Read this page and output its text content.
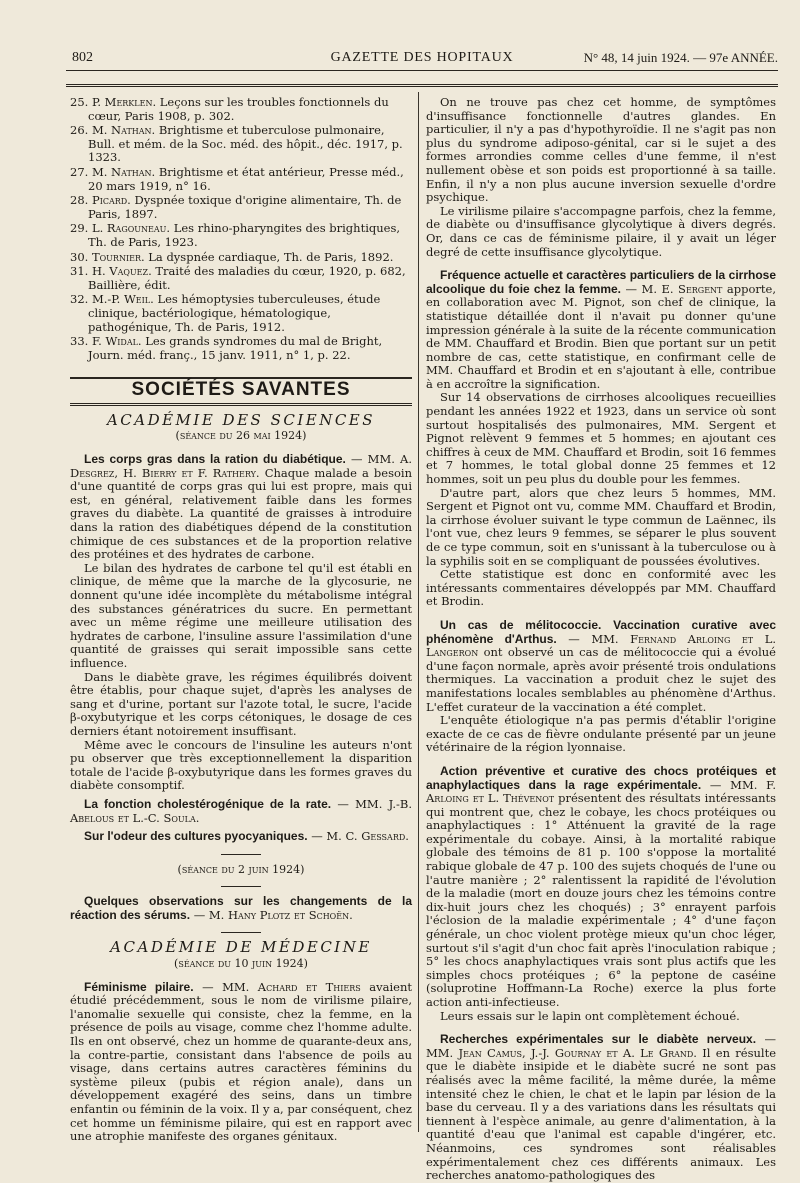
802	GAZETTE DES HOPITAUX	N° 48, 14 juin 1924. — 97e ANNÉE.
25. P. Merklen. Leçons sur les troubles fonctionnels du cœur, Paris 1908, p. 302.
26. M. Nathan. Brightisme et tuberculose pulmonaire, Bull. et mém. de la Soc. méd. des hôpit., déc. 1917, p. 1323.
27. M. Nathan. Brightisme et état antérieur, Presse méd., 20 mars 1919, n° 16.
28. Picard. Dyspnée toxique d'origine alimentaire, Th. de Paris, 1897.
29. L. Ragouneau. Les rhino-pharyngites des brightiques, Th. de Paris, 1923.
30. Tournier. La dyspnée cardiaque, Th. de Paris, 1892.
31. H. Vaquez. Traité des maladies du cœur, 1920, p. 682, Baillière, édit.
32. M.-P. Weil. Les hémoptysies tuberculeuses, étude clinique, bactériologique, hématologique, pathogénique, Th. de Paris, 1912.
33. F. Widal. Les grands syndromes du mal de Bright, Journ. méd. franç., 15 janv. 1911, n° 1, p. 22.
SOCIÉTÉS SAVANTES
ACADÉMIE DES SCIENCES
(séance du 26 mai 1924)

Les corps gras dans la ration du diabétique. — MM. A. Desgrez, H. Bierry et F. Rathery. Chaque malade a besoin d'une quantité de corps gras qui lui est propre, mais qui est, en général, relativement faible dans les formes graves du diabète. La quantité de graisses à introduire dans la ration des diabétiques dépend de la constitution chimique de ces substances et de la proportion relative des protéines et des hydrates de carbone.

Le bilan des hydrates de carbone tel qu'il est établi en clinique, de même que la marche de la glycosurie, ne donnent qu'une idée incomplète du métabolisme intégral des substances génératrices du sucre. En permettant avec un même régime une meilleure utilisation des hydrates de carbone, l'insuline assure l'assimilation d'une quantité de graisses qui serait impossible sans cette influence.

Dans le diabète grave, les régimes équilibrés doivent être établis, pour chaque sujet, d'après les analyses de sang et d'urine, portant sur l'azote total, le sucre, l'acide β-oxybutyrique et les corps cétoniques, le dosage de ces derniers étant notoirement insuffisant.

Même avec le concours de l'insuline les auteurs n'ont pu observer que très exceptionnellement la disparition totale de l'acide β-oxybutyrique dans les formes graves du diabète consomptif.

La fonction cholestérogénique de la rate. — MM. J.-B. Abelous et L.-C. Soula.

Sur l'odeur des cultures pyocyaniques. — M. C. Gessard.

(séance du 2 juin 1924)

Quelques observations sur les changements de la réaction des sérums. — M. Hany Plotz et Schoën.

ACADÉMIE DE MÉDECINE
(séance du 10 juin 1924)

Féminisme pilaire. — MM. Achard et Thiers avaient étudié précédemment, sous le nom de virilisme pilaire, l'anomalie sexuelle qui consiste, chez la femme, en la présence de poils au visage, comme chez l'homme adulte. Ils en ont observé, chez un homme de quarante-deux ans, la contre-partie, consistant dans l'absence de poils au visage, dans certains autres caractères féminins du système pileux (pubis et région anale), dans un développement exagéré des seins, dans un timbre enfantin ou féminin de la voix. Il y a, par conséquent, chez cet homme un féminisme pilaire, qui est en rapport avec une atrophie manifeste des organes génitaux.

On ne trouve pas chez cet homme, de symptômes d'insuffisance fonctionnelle d'autres glandes. En particulier, il n'y a pas d'hypothyroïdie. Il ne s'agit pas non plus du syndrome adiposo-génital, car si le sujet a des formes arrondies comme celles d'une femme, il n'est nullement obèse et son poids est proportionné à sa taille. Enfin, il n'y a non plus aucune inversion sexuelle d'ordre psychique.

Le virilisme pilaire s'accompagne parfois, chez la femme, de diabète ou d'insuffisance glycolytique à divers degrés. Or, dans ce cas de féminisme pilaire, il y avait un léger degré de cette insuffisance glycolytique.

Fréquence actuelle et caractères particuliers de la cirrhose alcoolique du foie chez la femme. — M. E. Sergent apporte, en collaboration avec M. Pignot, son chef de clinique, la statistique détaillée dont il n'avait pu donner qu'une impression générale à la suite de la récente communication de MM. Chauffard et Brodin. Bien que portant sur un petit nombre de cas, cette statistique, en confirmant celle de MM. Chauffard et Brodin et en s'ajoutant à elle, contribue à en accroître la signification.

Sur 14 observations de cirrhoses alcooliques recueillies pendant les années 1922 et 1923, dans un service où sont surtout hospitalisés des pulmonaires, MM. Sergent et Pignot relèvent 9 femmes et 5 hommes; en ajoutant ces chiffres à ceux de MM. Chauffard et Brodin, soit 16 femmes et 7 hommes, le total global donne 25 femmes et 12 hommes, soit un peu plus du double pour les femmes.

D'autre part, alors que chez leurs 5 hommes, MM. Sergent et Pignot ont vu, comme MM. Chauffard et Brodin, la cirrhose évoluer suivant le type commun de Laënnec, ils l'ont vue, chez leurs 9 femmes, se séparer le plus souvent de ce type commun, soit en s'unissant à la tuberculose ou à la syphilis soit en se compliquant de poussées évolutives.

Cette statistique est donc en conformité avec les intéressants commentaires développés par MM. Chauffard et Brodin.

Un cas de mélitococcie. Vaccination curative avec phénomène d'Arthus. — MM. Fernand Arloing et L. Langeron ont observé un cas de mélitococcie qui a évolué d'une façon normale, après avoir présenté trois ondulations thermiques. La vaccination a produit chez le sujet des manifestations locales semblables au phénomène d'Arthus. L'effet curateur de la vaccination a été complet.

L'enquête étiologique n'a pas permis d'établir l'origine exacte de ce cas de fièvre ondulante présenté par un jeune vétérinaire de la région lyonnaise.

Action préventive et curative des chocs protéiques et anaphylactiques dans la rage expérimentale. — MM. F. Arloing et L. Thévenot présentent des résultats intéressants qui montrent que, chez le cobaye, les chocs protéiques ou anaphylactiques : 1° Atténuent la gravité de la rage expérimentale du cobaye. Ainsi, à la mortalité rabique globale des témoins de 81 p. 100 s'oppose la mortalité rabique globale de 47 p. 100 des sujets choqués de l'une ou l'autre manière ; 2° ralentissent la rapidité de l'évolution de la maladie (mort en douze jours chez les témoins contre dix-huit jours chez les choqués) ; 3° enrayent parfois l'éclosion de la maladie expérimentale ; 4° d'une façon générale, un choc violent protège mieux qu'un choc léger, surtout s'il s'agit d'un choc fait après l'inoculation rabique ; 5° les chocs anaphylactiques vrais sont plus actifs que les simples chocs protéiques ; 6° la peptone de caséine (soluprotine Hoffmann-La Roche) exerce la plus forte action anti-infectieuse.

Leurs essais sur le lapin ont complètement échoué.

Recherches expérimentales sur le diabète nerveux. — MM. Jean Camus, J.-J. Gournay et A. Le Grand. Il en résulte que le diabète insipide et le diabète sucré ne sont pas réalisés avec la même facilité, la même durée, la même intensité chez le chien, le chat et le lapin par lésion de la base du cerveau. Il y a des variations dans les résultats qui tiennent à l'espèce animale, au genre d'alimentation, à la quantité d'eau que l'animal est capable d'ingérer, etc. Néanmoins, ces syndromes sont réalisables expérimentalement chez ces différents animaux. Les recherches anatomo-pathologiques des
